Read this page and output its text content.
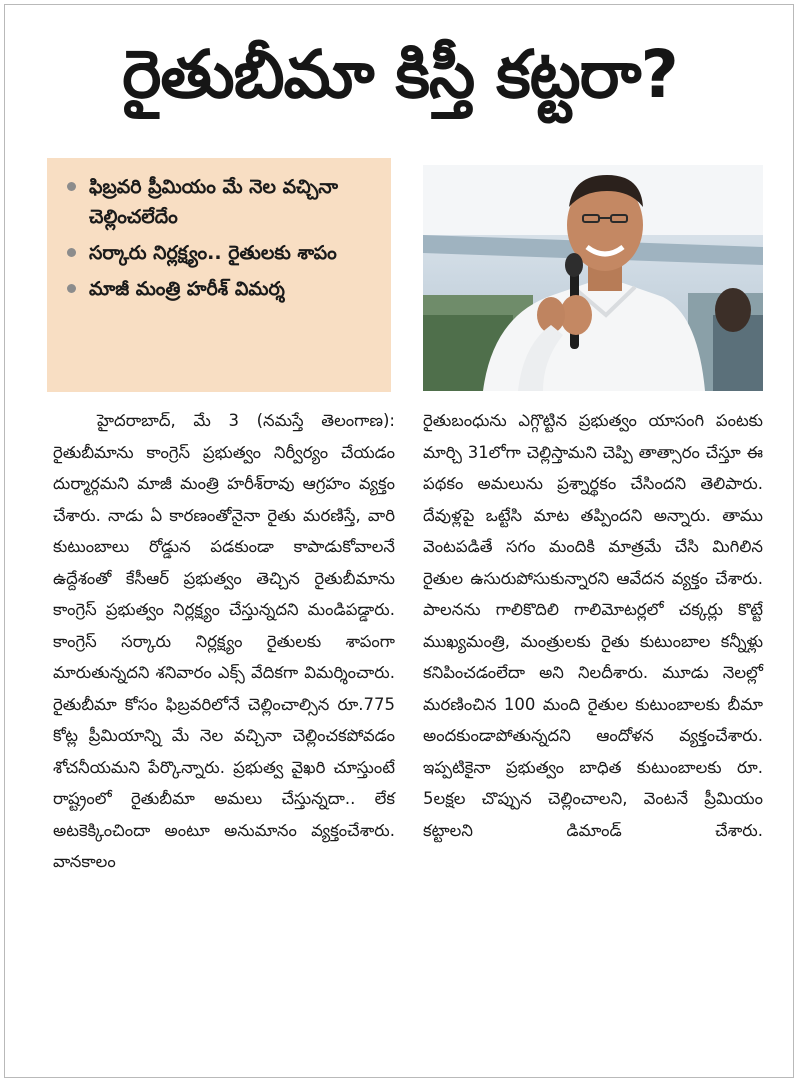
రైతుబీమా కిస్తీ కట్టరా?
ఫిబ్రవరి ప్రీమియం మే నెల వచ్చినా చెల్లించలేదేం
సర్కారు నిర్లక్ష్యం.. రైతులకు శాపం
మాజీ మంత్రి హరీశ్‌ విమర్శ
హైదరాబాద్‌, మే 3 (నమస్తే తెలంగాణ): రైతుబీమాను కాంగ్రెస్‌ ప్రభుత్వం నిర్వీర్యం చేయడం దుర్మార్గమని మాజీ మంత్రి హరీశ్‌రావు ఆగ్రహం వ్యక్తం చేశారు. నాడు ఏ కారణంతోనైనా రైతు మరణిస్తే, వారి కుటుంబాలు రోడ్డున పడకుండా కాపాడుకోవాలనే ఉద్దేశంతో కేసీఆర్‌ ప్రభుత్వం తెచ్చిన రైతుబీమాను కాంగ్రెస్‌ ప్రభుత్వం నిర్లక్ష్యం చేస్తున్నదని మండిపడ్డారు. కాంగ్రెస్‌ సర్కారు నిర్లక్ష్యం రైతులకు శాపంగా మారుతున్నదని శనివారం ఎక్స్‌ వేదికగా విమర్శించారు. రైతుబీమా కోసం ఫిబ్రవరిలోనే చెల్లించాల్సిన రూ.775 కోట్ల ప్రీమియాన్ని మే నెల వచ్చినా చెల్లించకపోవడం శోచనీయమని పేర్కొన్నారు. ప్రభుత్వ వైఖరి చూస్తుంటే రాష్ట్రంలో రైతుబీమా అమలు చేస్తున్నదా.. లేక అటకెక్కించిందా అంటూ అనుమానం వ్యక్తంచేశారు. వానకాలం
రైతుబంధును ఎగ్గొట్టిన ప్రభుత్వం యాసంగి పంటకు మార్చి 31లోగా చెల్లిస్తామని చెప్పి తాత్సారం చేస్తూ ఈ పథకం అమలును ప్రశ్నార్థకం చేసిందని తెలిపారు. దేవుళ్లపై ఒట్టేసి మాట తప్పిందని అన్నారు. తాము వెంటపడితే సగం మందికి మాత్రమే చేసి మిగిలిన రైతుల ఉసురుపోసుకున్నారని ఆవేదన వ్యక్తం చేశారు. పాలనను గాలికొదిలి గాలిమోటర్లలో చక్కర్లు కొట్టే ముఖ్యమంత్రి, మంత్రులకు రైతు కుటుంబాల కన్నీళ్లు కనిపించడంలేదా అని నిలదీశారు. మూడు నెలల్లో మరణించిన 100 మంది రైతుల కుటుంబాలకు బీమా అందకుండాపోతున్నదని ఆందోళన వ్యక్తంచేశారు. ఇప్పటికైనా ప్రభుత్వం బాధిత కుటుంబాలకు రూ. 5లక్షల చొప్పున చెల్లించాలని, వెంటనే ప్రీమియం కట్టాలని డిమాండ్‌ చేశారు.
